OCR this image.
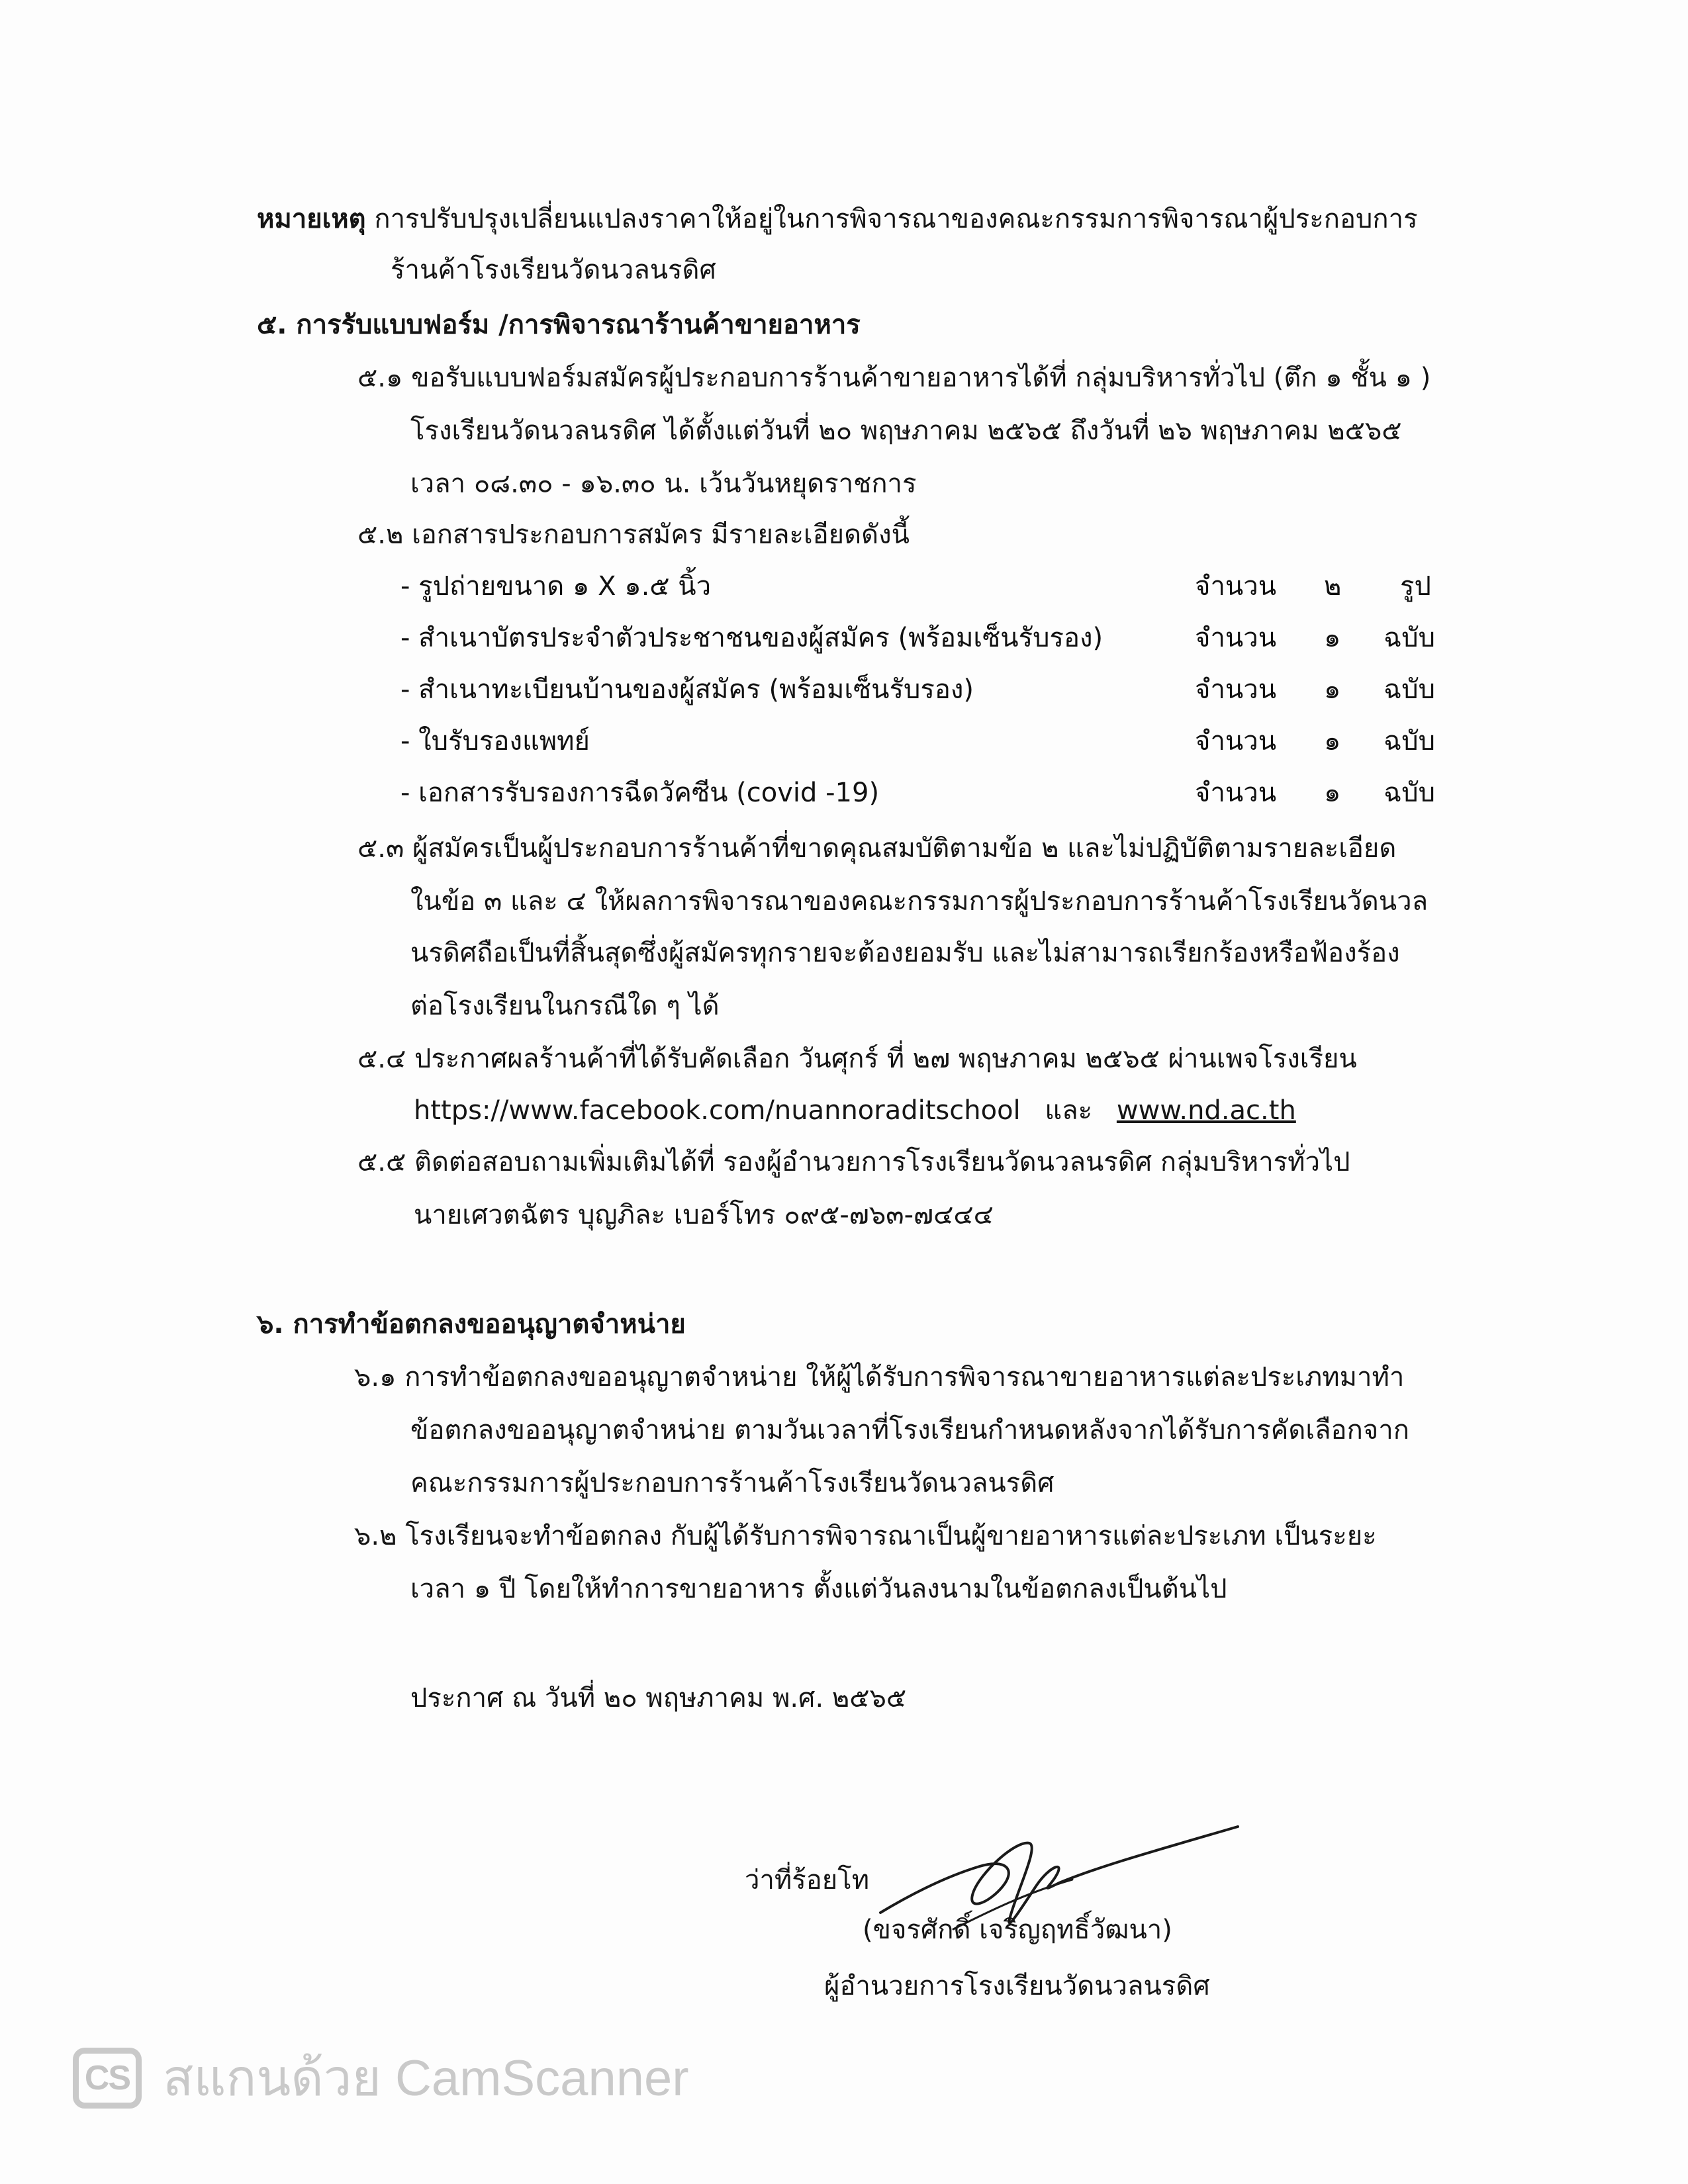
หมายเหตุ การปรับปรุงเปลี่ยนแปลงราคาให้อยู่ในการพิจารณาของคณะกรรมการพิจารณาผู้ประกอบการ
ร้านค้าโรงเรียนวัดนวลนรดิศ
๕. การรับแบบฟอร์ม /การพิจารณาร้านค้าขายอาหาร
๕.๑ ขอรับแบบฟอร์มสมัครผู้ประกอบการร้านค้าขายอาหารได้ที่ กลุ่มบริหารทั่วไป (ตึก ๑ ชั้น ๑ )
โรงเรียนวัดนวลนรดิศ ได้ตั้งแต่วันที่ ๒๐ พฤษภาคม ๒๕๖๕ ถึงวันที่ ๒๖ พฤษภาคม ๒๕๖๕
เวลา ๐๘.๓๐ - ๑๖.๓๐ น. เว้นวันหยุดราชการ
๕.๒ เอกสารประกอบการสมัคร มีรายละเอียดดังนี้
- รูปถ่ายขนาด ๑ X ๑.๕ นิ้ว	จำนวน ๒ รูป
- สำเนาบัตรประจำตัวประชาชนของผู้สมัคร (พร้อมเซ็นรับรอง)	จำนวน ๑ ฉบับ
- สำเนาทะเบียนบ้านของผู้สมัคร (พร้อมเซ็นรับรอง)	จำนวน ๑ ฉบับ
- ใบรับรองแพทย์	จำนวน ๑ ฉบับ
- เอกสารรับรองการฉีดวัคซีน (covid -19)	จำนวน ๑ ฉบับ
๕.๓ ผู้สมัครเป็นผู้ประกอบการร้านค้าที่ขาดคุณสมบัติตามข้อ ๒ และไม่ปฏิบัติตามรายละเอียด
ในข้อ ๓ และ ๔ ให้ผลการพิจารณาของคณะกรรมการผู้ประกอบการร้านค้าโรงเรียนวัดนวล
นรดิศถือเป็นที่สิ้นสุดซึ่งผู้สมัครทุกรายจะต้องยอมรับ และไม่สามารถเรียกร้องหรือฟ้องร้อง
ต่อโรงเรียนในกรณีใด ๆ ได้
๕.๔ ประกาศผลร้านค้าที่ได้รับคัดเลือก วันศุกร์ ที่ ๒๗ พฤษภาคม ๒๕๖๕ ผ่านเพจโรงเรียน
https://www.facebook.com/nuannoraditschool และ www.nd.ac.th
๕.๕ ติดต่อสอบถามเพิ่มเติมได้ที่ รองผู้อำนวยการโรงเรียนวัดนวลนรดิศ กลุ่มบริหารทั่วไป
นายเศวตฉัตร บุญภิละ เบอร์โทร ๐๙๕-๗๖๓-๗๔๔๔
๖. การทำข้อตกลงขออนุญาตจำหน่าย
๖.๑ การทำข้อตกลงขออนุญาตจำหน่าย ให้ผู้ได้รับการพิจารณาขายอาหารแต่ละประเภทมาทำ
ข้อตกลงขออนุญาตจำหน่าย ตามวันเวลาที่โรงเรียนกำหนดหลังจากได้รับการคัดเลือกจาก
คณะกรรมการผู้ประกอบการร้านค้าโรงเรียนวัดนวลนรดิศ
๖.๒ โรงเรียนจะทำข้อตกลง กับผู้ได้รับการพิจารณาเป็นผู้ขายอาหารแต่ละประเภท เป็นระยะ
เวลา ๑ ปี โดยให้ทำการขายอาหาร ตั้งแต่วันลงนามในข้อตกลงเป็นต้นไป
ประกาศ ณ วันที่ ๒๐ พฤษภาคม พ.ศ. ๒๕๖๕
ว่าที่ร้อยโท
(ขจรศักดิ์ เจริญฤทธิ์วัฒนา)
ผู้อำนวยการโรงเรียนวัดนวลนรดิศ
CS สแกนด้วย CamScanner
